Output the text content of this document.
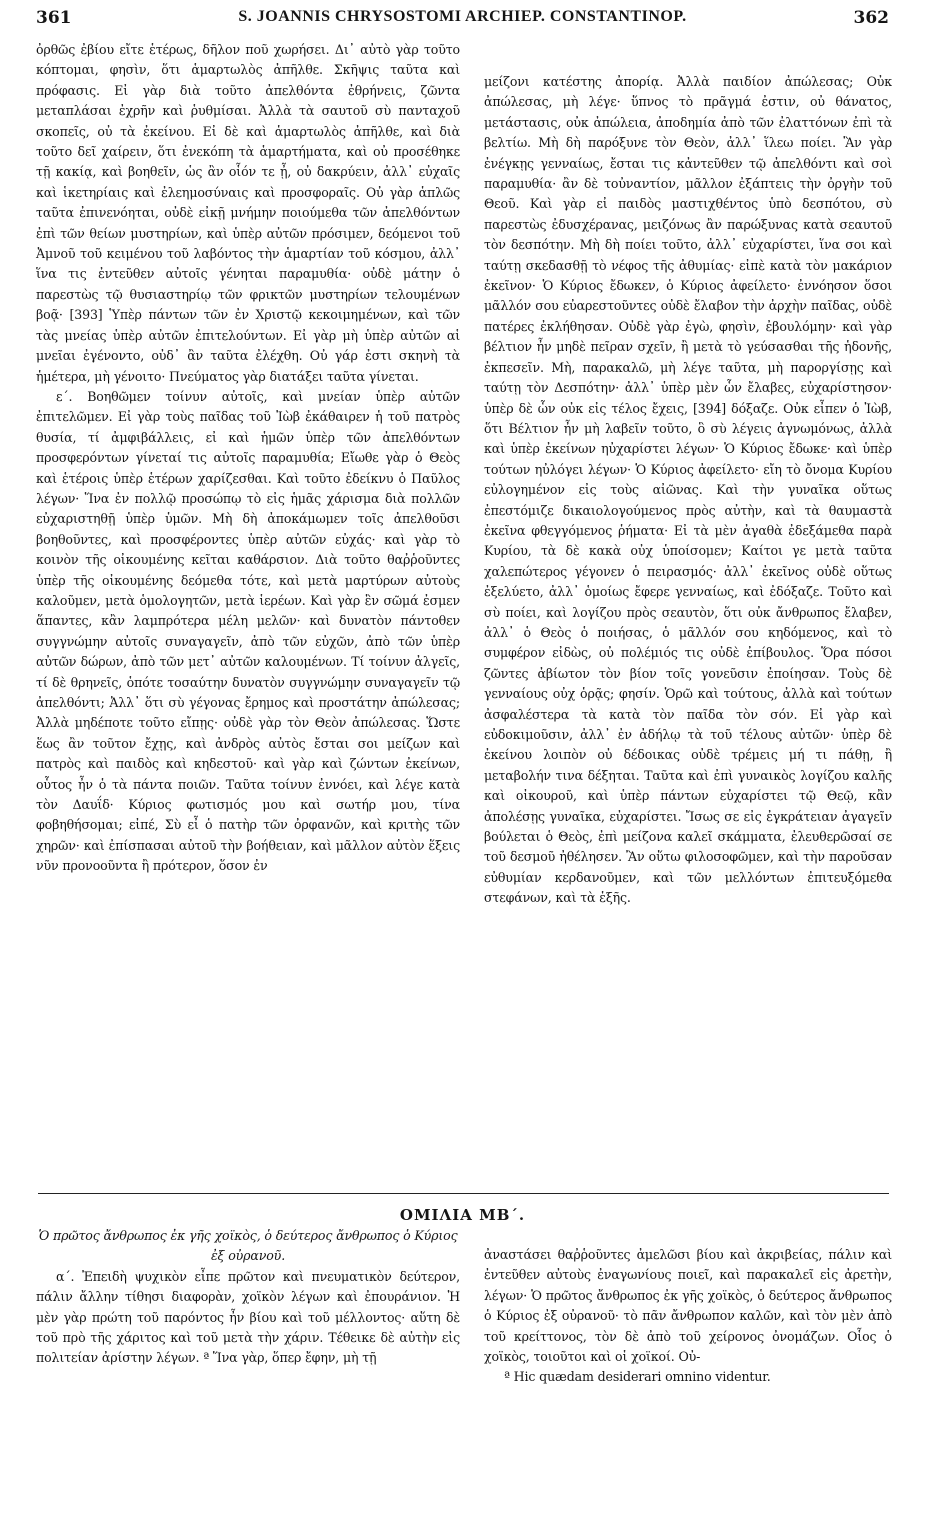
361	S. JOANNIS CHRYSOSTOMI ARCHIEP. CONSTANTINOP.	362

ὀρθῶς ἐβίου εἴτε ἑτέρως, δῆλον ποῦ χωρήσει. Δι᾽ αὐτὸ γὰρ τοῦτο κόπτομαι, φησὶν, ὅτι ἁμαρτωλὸς ἀπῆλθε. Σκῆψις ταῦτα καὶ πρόφασις. Εἰ γὰρ διὰ τοῦτο ἀπελθόντα ἐθρήνεις, ζῶντα μεταπλάσαι ἐχρῆν καὶ ῥυθμίσαι. Ἀλλὰ τὰ σαυτοῦ σὺ πανταχοῦ σκοπεῖς, οὐ τὰ ἐκείνου. Εἰ δὲ καὶ ἁμαρτωλὸς ἀπῆλθε, καὶ διὰ τοῦτο δεῖ χαίρειν, ὅτι ἐνεκόπη τὰ ἁμαρτήματα, καὶ οὐ προσέθηκε τῇ κακίᾳ, καὶ βοηθεῖν, ὡς ἂν οἷόν τε ᾖ, οὐ δακρύειν, ἀλλ᾽ εὐχαῖς καὶ ἱκετηρίαις καὶ ἐλεημοσύναις καὶ προσφοραῖς. Οὐ γὰρ ἁπλῶς ταῦτα ἐπινενόηται, οὐδὲ εἰκῇ μνήμην ποιούμεθα τῶν ἀπελθόντων ἐπὶ τῶν θείων μυστηρίων, καὶ ὑπὲρ αὐτῶν πρόσιμεν, δεόμενοι τοῦ Ἀμνοῦ τοῦ κειμένου τοῦ λαβόντος τὴν ἁμαρτίαν τοῦ κόσμου, ἀλλ᾽ ἵνα τις ἐντεῦθεν αὐτοῖς γένηται παραμυθία· οὐδὲ μάτην ὁ παρεστὼς τῷ θυσιαστηρίῳ τῶν φρικτῶν μυστηρίων τελουμένων βοᾷ· [393] Ὑπὲρ πάντων τῶν ἐν Χριστῷ κεκοιμημένων, καὶ τῶν τὰς μνείας ὑπὲρ αὐτῶν ἐπιτελούντων. Εἰ γὰρ μὴ ὑπὲρ αὐτῶν αἱ μνεῖαι ἐγένοντο, οὐδ᾽ ἂν ταῦτα ἐλέχθη. Οὐ γάρ ἐστι σκηνὴ τὰ ἡμέτερα, μὴ γένοιτο· Πνεύματος γὰρ διατάξει ταῦτα γίνεται.

ε΄. Βοηθῶμεν τοίνυν αὐτοῖς, καὶ μνείαν ὑπὲρ αὐτῶν ἐπιτελῶμεν. Εἰ γὰρ τοὺς παῖδας τοῦ Ἰὼβ ἐκάθαιρεν ἡ τοῦ πατρὸς θυσία, τί ἀμφιβάλλεις, εἰ καὶ ἡμῶν ὑπὲρ τῶν ἀπελθόντων προσφερόντων γίνεταί τις αὐτοῖς παραμυθία; Εἴωθε γὰρ ὁ Θεὸς καὶ ἑτέροις ὑπὲρ ἑτέρων χαρίζεσθαι. Καὶ τοῦτο ἐδείκνυ ὁ Παῦλος λέγων· Ἵνα ἐν πολλῷ προσώπῳ τὸ εἰς ἡμᾶς χάρισμα διὰ πολλῶν εὐχαριστηθῇ ὑπὲρ ὑμῶν. Μὴ δὴ ἀποκάμωμεν τοῖς ἀπελθοῦσι βοηθοῦντες, καὶ προσφέροντες ὑπὲρ αὐτῶν εὐχάς· καὶ γὰρ τὸ κοινὸν τῆς οἰκουμένης κεῖται καθάρσιον. Διὰ τοῦτο θαῤῥοῦντες ὑπὲρ τῆς οἰκουμένης δεόμεθα τότε, καὶ μετὰ μαρτύρων αὐτοὺς καλοῦμεν, μετὰ ὁμολογητῶν, μετὰ ἱερέων. Καὶ γὰρ ἓν σῶμά ἐσμεν ἅπαντες, κἂν λαμπρότερα μέλη μελῶν· καὶ δυνατὸν πάντοθεν συγγνώμην αὐτοῖς συναγαγεῖν, ἀπὸ τῶν εὐχῶν, ἀπὸ τῶν ὑπὲρ αὐτῶν δώρων, ἀπὸ τῶν μετ᾽ αὐτῶν καλουμένων. Τί τοίνυν ἀλγεῖς, τί δὲ θρηνεῖς, ὁπότε τοσαύτην δυνατὸν συγγνώμην συναγαγεῖν τῷ ἀπελθόντι; Ἀλλ᾽ ὅτι σὺ γέγονας ἔρημος καὶ προστάτην ἀπώλεσας; Ἀλλὰ μηδέποτε τοῦτο εἴπῃς· οὐδὲ γὰρ τὸν Θεὸν ἀπώλεσας. Ὥστε ἕως ἂν τοῦτον ἔχῃς, καὶ ἀνδρὸς αὐτὸς ἔσται σοι μείζων καὶ πατρὸς καὶ παιδὸς καὶ κηδεστοῦ· καὶ γὰρ καὶ ζώντων ἐκείνων, οὗτος ἦν ὁ τὰ πάντα ποιῶν. Ταῦτα τοίνυν ἐννόει, καὶ λέγε κατὰ τὸν Δαυΐδ· Κύριος φωτισμός μου καὶ σωτήρ μου, τίνα φοβηθήσομαι; εἰπέ, Σὺ εἶ ὁ πατὴρ τῶν ὀρφανῶν, καὶ κριτὴς τῶν χηρῶν· καὶ ἐπίσπασαι αὐτοῦ τὴν βοήθειαν, καὶ μᾶλλον αὐτὸν ἕξεις νῦν προνοοῦντα ἢ πρότερον, ὅσον ἐν

μείζονι κατέστης ἀπορίᾳ. Ἀλλὰ παιδίον ἀπώλεσας; Οὐκ ἀπώλεσας, μὴ λέγε· ὕπνος τὸ πρᾶγμά ἐστιν, οὐ θάνατος, μετάστασις, οὐκ ἀπώλεια, ἀποδημία ἀπὸ τῶν ἐλαττόνων ἐπὶ τὰ βελτίω. Μὴ δὴ παρόξυνε τὸν Θεὸν, ἀλλ᾽ ἵλεω ποίει. Ἂν γὰρ ἐνέγκῃς γενναίως, ἔσται τις κἀντεῦθεν τῷ ἀπελθόντι καὶ σοὶ παραμυθία· ἂν δὲ τοὐναντίον, μᾶλλον ἐξάπτεις τὴν ὀργὴν τοῦ Θεοῦ. Καὶ γὰρ εἰ παιδὸς μαστιχθέντος ὑπὸ δεσπότου, σὺ παρεστὼς ἐδυσχέρανας, μειζόνως ἂν παρώξυνας κατὰ σεαυτοῦ τὸν δεσπότην. Μὴ δὴ ποίει τοῦτο, ἀλλ᾽ εὐχαρίστει, ἵνα σοι καὶ ταύτῃ σκεδασθῇ τὸ νέφος τῆς ἀθυμίας· εἰπὲ κατὰ τὸν μακάριον ἐκεῖνον· Ὁ Κύριος ἔδωκεν, ὁ Κύριος ἀφείλετο· ἐννόησον ὅσοι μᾶλλόν σου εὐαρεστοῦντες οὐδὲ ἔλαβον τὴν ἀρχὴν παῖδας, οὐδὲ πατέρες ἐκλήθησαν. Οὐδὲ γὰρ ἐγὼ, φησὶν, ἐβουλόμην· καὶ γὰρ βέλτιον ἦν μηδὲ πεῖραν σχεῖν, ἢ μετὰ τὸ γεύσασθαι τῆς ἡδονῆς, ἐκπεσεῖν. Μὴ, παρακαλῶ, μὴ λέγε ταῦτα, μὴ παροργίσῃς καὶ ταύτῃ τὸν Δεσπότην· ἀλλ᾽ ὑπὲρ μὲν ὧν ἔλαβες, εὐχαρίστησον· ὑπὲρ δὲ ὧν οὐκ εἰς τέλος ἔχεις, [394] δόξαζε. Οὐκ εἶπεν ὁ Ἰὼβ, ὅτι Βέλτιον ἦν μὴ λαβεῖν τοῦτο, ὃ σὺ λέγεις ἀγνωμόνως, ἀλλὰ καὶ ὑπὲρ ἐκείνων ηὐχαρίστει λέγων· Ὁ Κύριος ἔδωκε· καὶ ὑπὲρ τούτων ηὐλόγει λέγων· Ὁ Κύριος ἀφείλετο· εἴη τὸ ὄνομα Κυρίου εὐλογημένον εἰς τοὺς αἰῶνας. Καὶ τὴν γυναῖκα οὕτως ἐπεστόμιζε δικαιολογούμενος πρὸς αὐτὴν, καὶ τὰ θαυμαστὰ ἐκεῖνα φθεγγόμενος ῥήματα· Εἰ τὰ μὲν ἀγαθὰ ἐδεξάμεθα παρὰ Κυρίου, τὰ δὲ κακὰ οὐχ ὑποίσομεν; Καίτοι γε μετὰ ταῦτα χαλεπώτερος γέγονεν ὁ πειρασμός· ἀλλ᾽ ἐκεῖνος οὐδὲ οὕτως ἐξελύετο, ἀλλ᾽ ὁμοίως ἔφερε γενναίως, καὶ ἐδόξαζε. Τοῦτο καὶ σὺ ποίει, καὶ λογίζου πρὸς σεαυτὸν, ὅτι οὐκ ἄνθρωπος ἔλαβεν, ἀλλ᾽ ὁ Θεὸς ὁ ποιήσας, ὁ μᾶλλόν σου κηδόμενος, καὶ τὸ συμφέρον εἰδὼς, οὐ πολέμιός τις οὐδὲ ἐπίβουλος. Ὅρα πόσοι ζῶντες ἀβίωτον τὸν βίον τοῖς γονεῦσιν ἐποίησαν. Τοὺς δὲ γενναίους οὐχ ὁρᾷς; φησίν. Ὁρῶ καὶ τούτους, ἀλλὰ καὶ τούτων ἀσφαλέστερα τὰ κατὰ τὸν παῖδα τὸν σόν. Εἰ γὰρ καὶ εὐδοκιμοῦσιν, ἀλλ᾽ ἐν ἀδήλῳ τὰ τοῦ τέλους αὐτῶν· ὑπὲρ δὲ ἐκείνου λοιπὸν οὐ δέδοικας οὐδὲ τρέμεις μή τι πάθῃ, ἢ μεταβολήν τινα δέξηται. Ταῦτα καὶ ἐπὶ γυναικὸς λογίζου καλῆς καὶ οἰκουροῦ, καὶ ὑπὲρ πάντων εὐχαρίστει τῷ Θεῷ, κἂν ἀπολέσῃς γυναῖκα, εὐχαρίστει. Ἴσως σε εἰς ἐγκράτειαν ἀγαγεῖν βούλεται ὁ Θεὸς, ἐπὶ μείζονα καλεῖ σκάμματα, ἐλευθερῶσαί σε τοῦ δεσμοῦ ἠθέλησεν. Ἂν οὕτω φιλοσοφῶμεν, καὶ τὴν παροῦσαν εὐθυμίαν κερδανοῦμεν, καὶ τῶν μελλόντων ἐπιτευξόμεθα στεφάνων, καὶ τὰ ἑξῆς.

ΟΜΙΛΙΑ ΜΒ΄.

Ὁ πρῶτος ἄνθρωπος ἐκ γῆς χοϊκὸς, ὁ δεύτερος ἄνθρωπος ὁ Κύριος ἐξ οὐρανοῦ.

α΄. Ἐπειδὴ ψυχικὸν εἶπε πρῶτον καὶ πνευματικὸν δεύτερον, πάλιν ἄλλην τίθησι διαφορὰν, χοϊκὸν λέγων καὶ ἐπουράνιον. Ἡ μὲν γὰρ πρώτη τοῦ παρόντος ἦν βίου καὶ τοῦ μέλλοντος· αὕτη δὲ τοῦ πρὸ τῆς χάριτος καὶ τοῦ μετὰ τὴν χάριν. Τέθεικε δὲ αὐτὴν εἰς πολιτείαν ἀρίστην λέγων. ª Ἵνα γὰρ, ὅπερ ἔφην, μὴ τῇ

ἀναστάσει θαῤῥοῦντες ἀμελῶσι βίου καὶ ἀκριβείας, πάλιν καὶ ἐντεῦθεν αὐτοὺς ἐναγωνίους ποιεῖ, καὶ παρακαλεῖ εἰς ἀρετὴν, λέγων· Ὁ πρῶτος ἄνθρωπος ἐκ γῆς χοϊκὸς, ὁ δεύτερος ἄνθρωπος ὁ Κύριος ἐξ οὐρανοῦ· τὸ πᾶν ἄνθρωπον καλῶν, καὶ τὸν μὲν ἀπὸ τοῦ κρείττονος, τὸν δὲ ἀπὸ τοῦ χείρονος ὀνομάζων. Οἷος ὁ χοϊκὸς, τοιοῦτοι καὶ οἱ χοϊκοί. Οὐ-

ª Hic quædam desiderari omnino videntur.
